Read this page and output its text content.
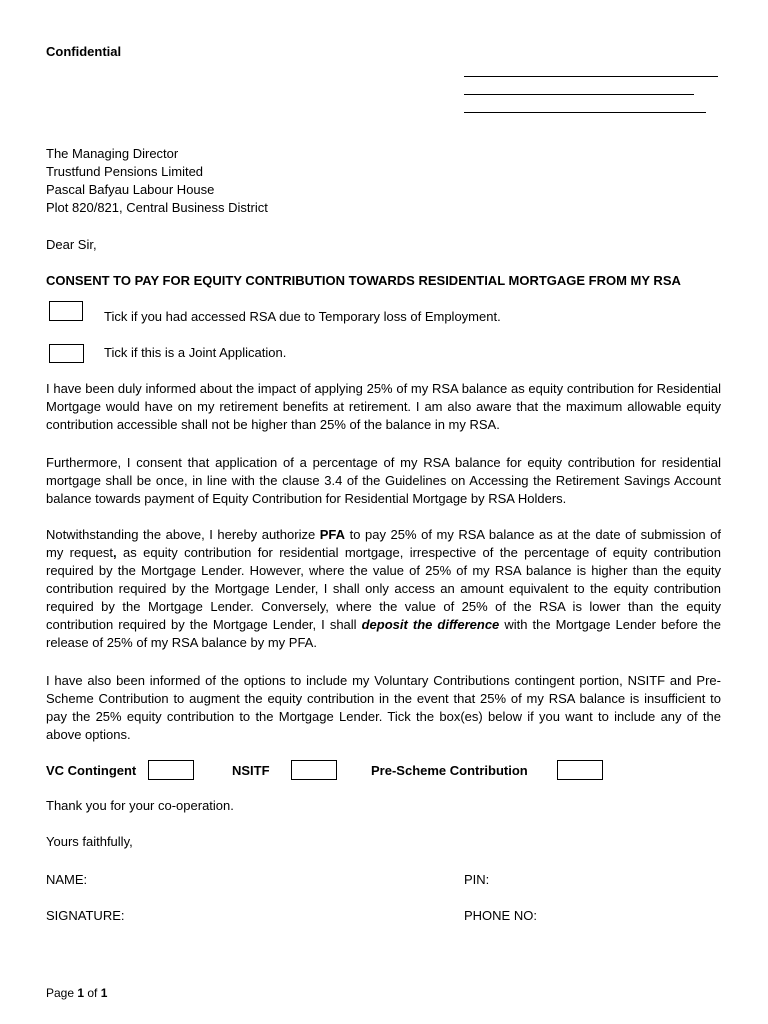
Confidential
The Managing Director
Trustfund Pensions Limited
Pascal Bafyau Labour House
Plot 820/821, Central Business District
Dear Sir,
CONSENT TO PAY FOR EQUITY CONTRIBUTION TOWARDS RESIDENTIAL MORTGAGE FROM MY RSA
Tick if you had accessed RSA due to Temporary loss of Employment.
Tick if this is a Joint Application.
I have been duly informed about the impact of applying 25% of my RSA balance as equity contribution for Residential Mortgage would have on my retirement benefits at retirement. I am also aware that the maximum allowable equity contribution accessible shall not be higher than 25% of the balance in my RSA.
Furthermore, I consent that application of a percentage of my RSA balance for equity contribution for residential mortgage shall be once, in line with the clause 3.4 of the Guidelines on Accessing the Retirement Savings Account balance towards payment of Equity Contribution for Residential Mortgage by RSA Holders.
Notwithstanding the above, I hereby authorize PFA to pay 25% of my RSA balance as at the date of submission of my request, as equity contribution for residential mortgage, irrespective of the percentage of equity contribution required by the Mortgage Lender. However, where the value of 25% of my RSA balance is higher than the equity contribution required by the Mortgage Lender, I shall only access an amount equivalent to the equity contribution required by the Mortgage Lender. Conversely, where the value of 25% of the RSA is lower than the equity contribution required by the Mortgage Lender, I shall deposit the difference with the Mortgage Lender before the release of 25% of my RSA balance by my PFA.
I have also been informed of the options to include my Voluntary Contributions contingent portion, NSITF and Pre-Scheme Contribution to augment the equity contribution in the event that 25% of my RSA balance is insufficient to pay the 25% equity contribution to the Mortgage Lender. Tick the box(es) below if you want to include any of the above options.
VC Contingent	NSITF	Pre-Scheme Contribution
Thank you for your co-operation.
Yours faithfully,
NAME:	PIN:
SIGNATURE:	PHONE NO:
Page 1 of 1
